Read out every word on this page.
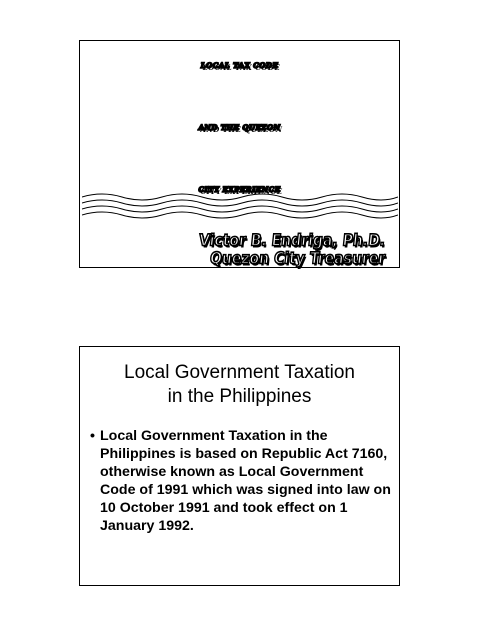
LOCAL TAX CODE
AND THE QUEZON
CITY EXPERIENCE
Victor B. Endriga, Ph.D.
Quezon City Treasurer
Local Government Taxation
in the Philippines
• Local Government Taxation in the Philippines is based on Republic Act 7160, otherwise known as Local Government Code of 1991 which was signed into law on 10 October 1991 and took effect on 1 January 1992.
